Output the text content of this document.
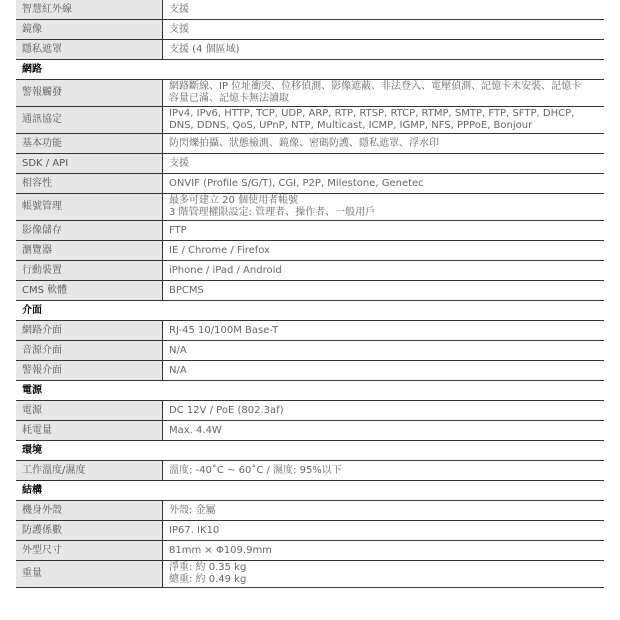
智慧紅外線	支援

鏡像	支援

隱私遮罩	支援 (4 個區域)

網路	
警報觸發	網路斷線、IP 位址衝突、位移偵測、影像遮蔽、非法登入、電壓偵測、記憶卡未安裝、記憶卡
容量已滿、記憶卡無法讀取

通訊協定	IPv4, IPv6, HTTP, TCP, UDP, ARP, RTP, RTSP, RTCP, RTMP, SMTP, FTP, SFTP, DHCP,
DNS, DDNS, QoS, UPnP, NTP, Multicast, ICMP, IGMP, NFS, PPPoE, Bonjour

基本功能	防閃爍拍攝、狀態檢測、鏡像、密碼防護、隱私遮罩、浮水印

SDK / API	支援

相容性	ONVIF (Profile S/G/T), CGI, P2P, Milestone, Genetec

帳號管理	最多可建立 20 個使用者帳號
3 階管理權限設定: 管理者、操作者、一般用戶

影像儲存	FTP

瀏覽器	IE / Chrome / Firefox

行動裝置	iPhone / iPad / Android

CMS 軟體	BPCMS

介面	
網路介面	RJ-45 10/100M Base-T

音源介面	N/A

警報介面	N/A

電源	
電源	DC 12V / PoE (802.3af)

耗電量	Max. 4.4W

環境	
工作溫度/濕度	溫度: -40˚C ~ 60˚C / 濕度: 95%以下

結構	
機身外殼	外殼: 金屬

防護係數	IP67. IK10

外型尺寸	81mm × Φ109.9mm

重量	淨重: 約 0.35 kg
總重: 約 0.49 kg
